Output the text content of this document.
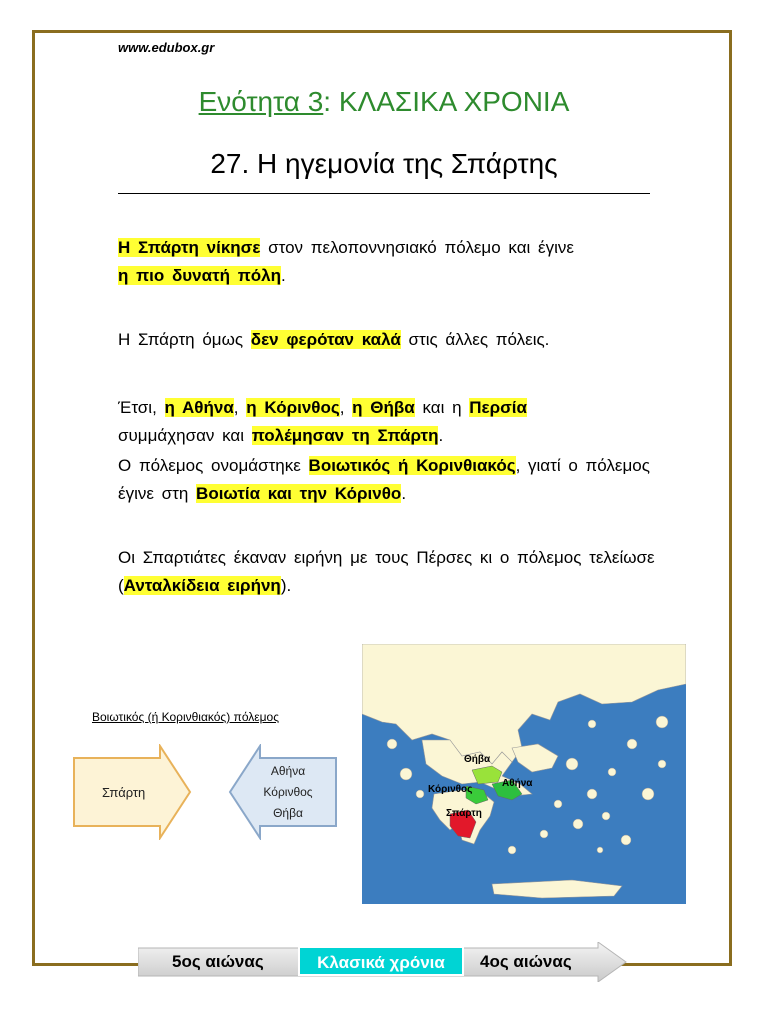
www.edubox.gr
Ενότητα 3: ΚΛΑΣΙΚΑ ΧΡΟΝΙΑ
27. Η ηγεμονία της Σπάρτης
Η Σπάρτη νίκησε στον πελοποννησιακό πόλεμο και έγινε
η πιο δυνατή πόλη.
Η Σπάρτη όμως δεν φερόταν καλά στις άλλες πόλεις.
Έτσι, η Αθήνα, η Κόρινθος, η Θήβα και η Περσία
συμμάχησαν και πολέμησαν τη Σπάρτη.
Ο πόλεμος ονομάστηκε Βοιωτικός ή Κορινθιακός, γιατί ο πόλεμος έγινε στη Βοιωτία και την Κόρινθο.
Οι Σπαρτιάτες έκαναν ειρήνη με τους Πέρσες κι ο πόλεμος τελείωσε (Ανταλκίδεια ειρήνη).
Βοιωτικός (ή Κορινθιακός) πόλεμος
Σπάρτη
Αθήνα
Κόρινθος
Θήβα
Θήβα
Αθήνα
Κόρινθος
Σπάρτη
5ος αιώνας	4ος αιώνας
Κλασικά χρόνια
